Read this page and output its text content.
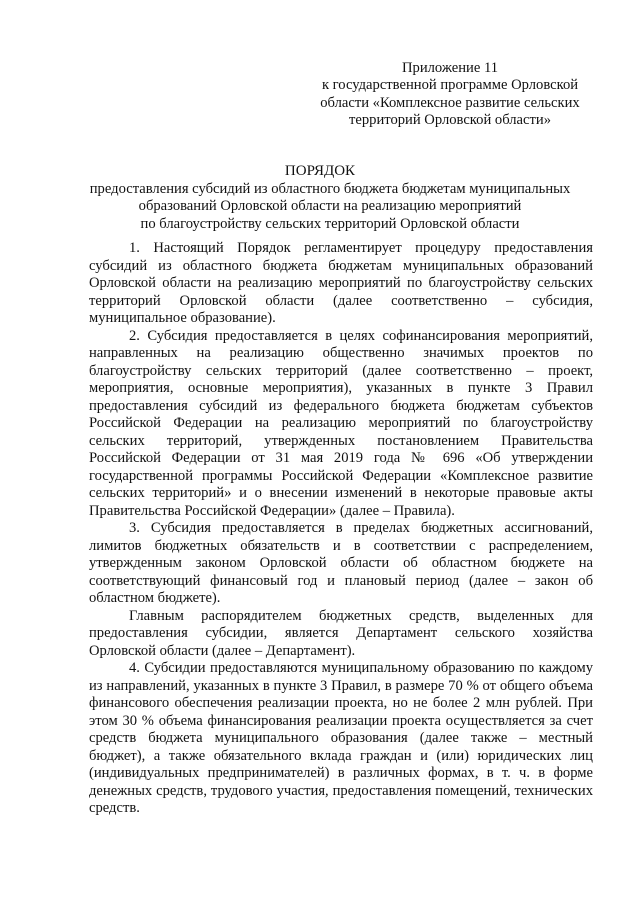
Приложение 11
к государственной программе Орловской
области «Комплексное развитие сельских
территорий Орловской области»
ПОРЯДОК
предоставления субсидий из областного бюджета бюджетам муниципальных
образований Орловской области на реализацию мероприятий
по благоустройству сельских территорий Орловской области

1. Настоящий Порядок регламентирует процедуру предоставления субсидий из областного бюджета бюджетам муниципальных образований Орловской области на реализацию мероприятий по благоустройству сельских территорий Орловской области (далее соответственно – субсидия, муниципальное образование).

2. Субсидия предоставляется в целях софинансирования мероприятий, направленных на реализацию общественно значимых проектов по благоустройству сельских территорий (далее соответственно – проект, мероприятия, основные мероприятия), указанных в пункте 3 Правил предоставления субсидий из федерального бюджета бюджетам субъектов Российской Федерации на реализацию мероприятий по благоустройству сельских территорий, утвержденных постановлением Правительства Российской Федерации от 31 мая 2019 года № 696 «Об утверждении государственной программы Российской Федерации «Комплексное развитие сельских территорий» и о внесении изменений в некоторые правовые акты Правительства Российской Федерации» (далее – Правила).

3. Субсидия предоставляется в пределах бюджетных ассигнований, лимитов бюджетных обязательств и в соответствии с распределением, утвержденным законом Орловской области об областном бюджете на соответствующий финансовый год и плановый период (далее – закон об областном бюджете).

Главным распорядителем бюджетных средств, выделенных для предоставления субсидии, является Департамент сельского хозяйства Орловской области (далее – Департамент).

4. Субсидии предоставляются муниципальному образованию по каждому из направлений, указанных в пункте 3 Правил, в размере 70 % от общего объема финансового обеспечения реализации проекта, но не более 2 млн рублей. При этом 30 % объема финансирования реализации проекта осуществляется за счет средств бюджета муниципального образования (далее также – местный бюджет), а также обязательного вклада граждан и (или) юридических лиц (индивидуальных предпринимателей) в различных формах, в т. ч. в форме денежных средств, трудового участия, предоставления помещений, технических средств.
